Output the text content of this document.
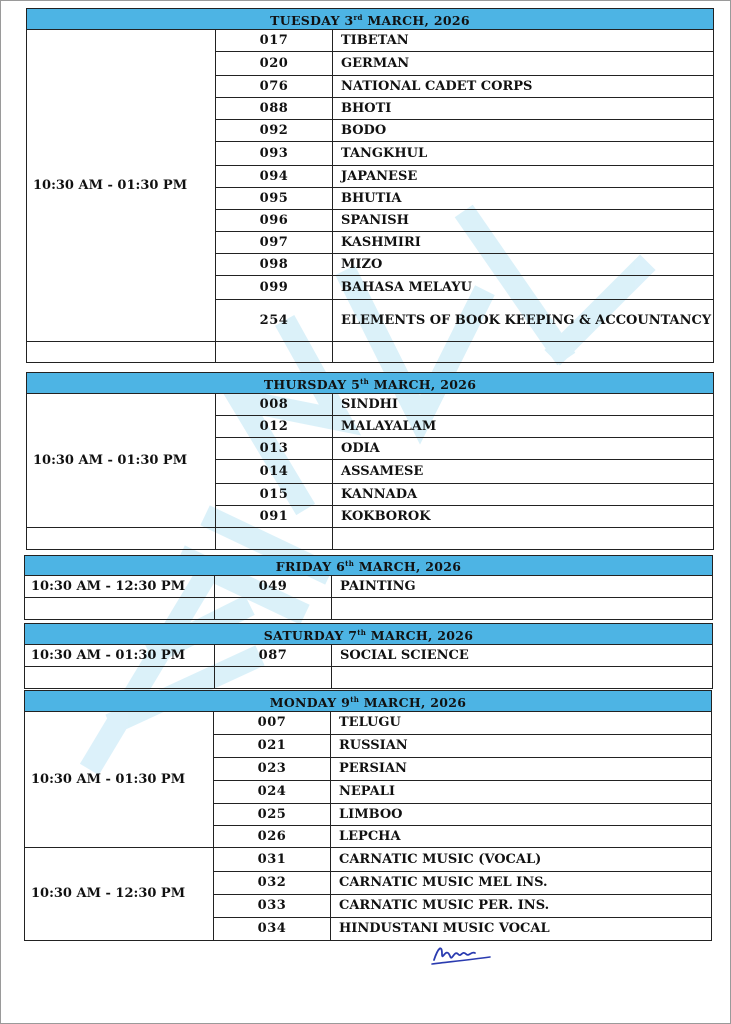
TUESDAY 3rd MARCH, 2026		
10:30 AM - 01:30 PM	017	TIBETAN
	020	GERMAN
	076	NATIONAL CADET CORPS
	088	BHOTI
	092	BODO
	093	TANGKHUL
	094	JAPANESE
	095	BHUTIA
	096	SPANISH
	097	KASHMIRI
	098	MIZO
	099	BAHASA MELAYU
	254	ELEMENTS OF BOOK KEEPING & ACCOUNTANCY

THURSDAY 5th MARCH, 2026		
10:30 AM - 01:30 PM	008	SINDHI
	012	MALAYALAM
	013	ODIA
	014	ASSAMESE
	015	KANNADA
	091	KOKBOROK

FRIDAY 6th MARCH, 2026		
10:30 AM - 12:30 PM	049	PAINTING

SATURDAY 7th MARCH, 2026		
10:30 AM - 01:30 PM	087	SOCIAL SCIENCE

MONDAY 9th MARCH, 2026		
10:30 AM - 01:30 PM	007	TELUGU
	021	RUSSIAN
	023	PERSIAN
	024	NEPALI
	025	LIMBOO
	026	LEPCHA
10:30 AM - 12:30 PM	031	CARNATIC MUSIC (VOCAL)
	032	CARNATIC MUSIC MEL INS.
	033	CARNATIC MUSIC PER. INS.
	034	HINDUSTANI MUSIC VOCAL
